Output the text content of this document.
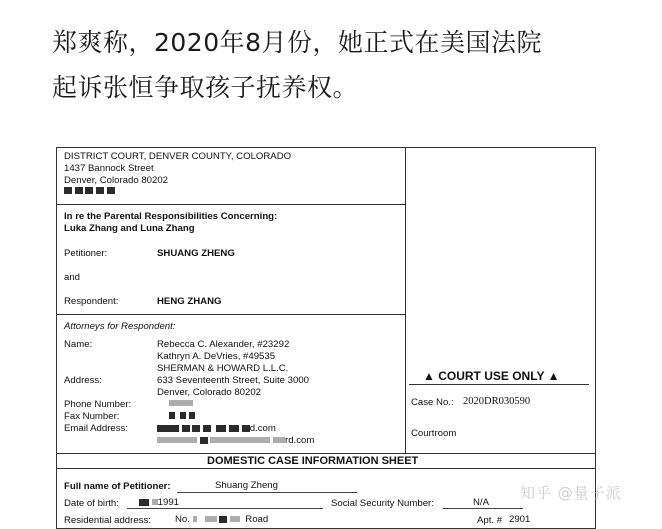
郑爽称，2020年8月份，她正式在美国法院
起诉张恒争取孩子抚养权。
DISTRICT COURT, DENVER COUNTY, COLORADO
1437 Bannock Street
Denver, Colorado 80202

In re the Parental Responsibilities Concerning:
Luka Zhang and Luna Zhang
Petitioner:	SHUANG ZHENG
and
Respondent:	HENG ZHANG
Attorneys for Respondent:
Name:	Rebecca C. Alexander, #23292
Kathryn A. DeVries, #49535
SHERMAN & HOWARD L.L.C.
Address:	633 Seventeenth Street, Suite 3000
Denver, Colorado 80202
Phone Number:
Fax Number:

Email Address:	d.com
rd.com
▲ COURT USE ONLY ▲
Case No.: 2020DR030590
Courtroom
DOMESTIC CASE INFORMATION SHEET
Full name of Petitioner:	Shuang Zheng
Date of birth:	1991	Social Security Number:	N/A
Residential address:	No.	Road	Apt. # 2901
知乎 @量子派
